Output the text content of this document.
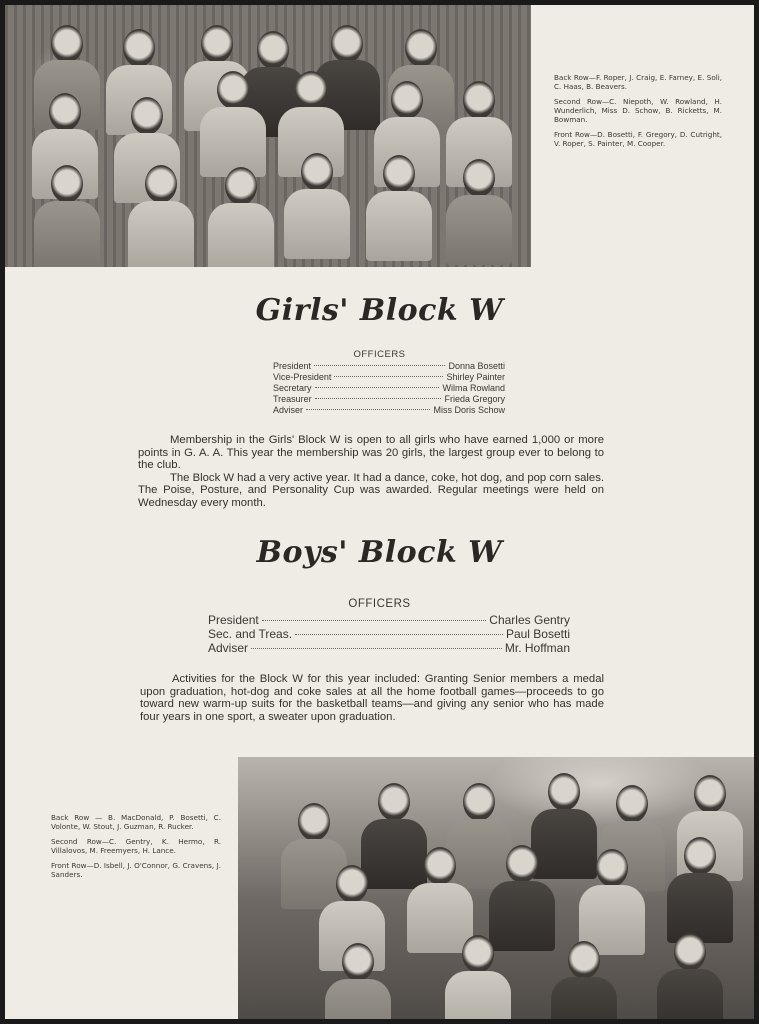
Back Row—F. Roper, J. Craig, E. Farney, E. Soli, C. Haas, B. Beavers.

Second Row—C. Niepoth, W. Rowland, H. Wunderlich, Miss D. Schow, B. Ricketts, M. Bowman.

Front Row—D. Bosetti, F. Gregory, D. Cutright, V. Roper, S. Painter, M. Cooper.

Girls' Block W
OFFICERS
President	Donna Bosetti
Vice-President	Shirley Painter
Secretary	Wilma Rowland
Treasurer	Frieda Gregory
Adviser	Miss Doris Schow

Membership in the Girls' Block W is open to all girls who have earned 1,000 or more points in G. A. A. This year the membership was 20 girls, the largest group ever to belong to the club.

The Block W had a very active year. It had a dance, coke, hot dog, and pop corn sales. The Poise, Posture, and Personality Cup was awarded. Regular meetings were held on Wednesday every month.

Boys' Block W
OFFICERS
President	Charles Gentry
Sec. and Treas.	Paul Bosetti
Adviser	Mr. Hoffman

Activities for the Block W for this year included: Granting Senior members a medal upon graduation, hot-dog and coke sales at all the home football games—proceeds to go toward new warm-up suits for the basketball teams—and giving any senior who has made four years in one sport, a sweater upon graduation.

Back Row — B. MacDonald, P. Bosetti, C. Volonte, W. Stout, J. Guzman, R. Rucker.

Second Row—C. Gentry, K. Hermo, R. Villalovos, M. Freemyers, H. Lance.

Front Row—D. Isbell, J. O'Connor, G. Cravens, J. Sanders.
